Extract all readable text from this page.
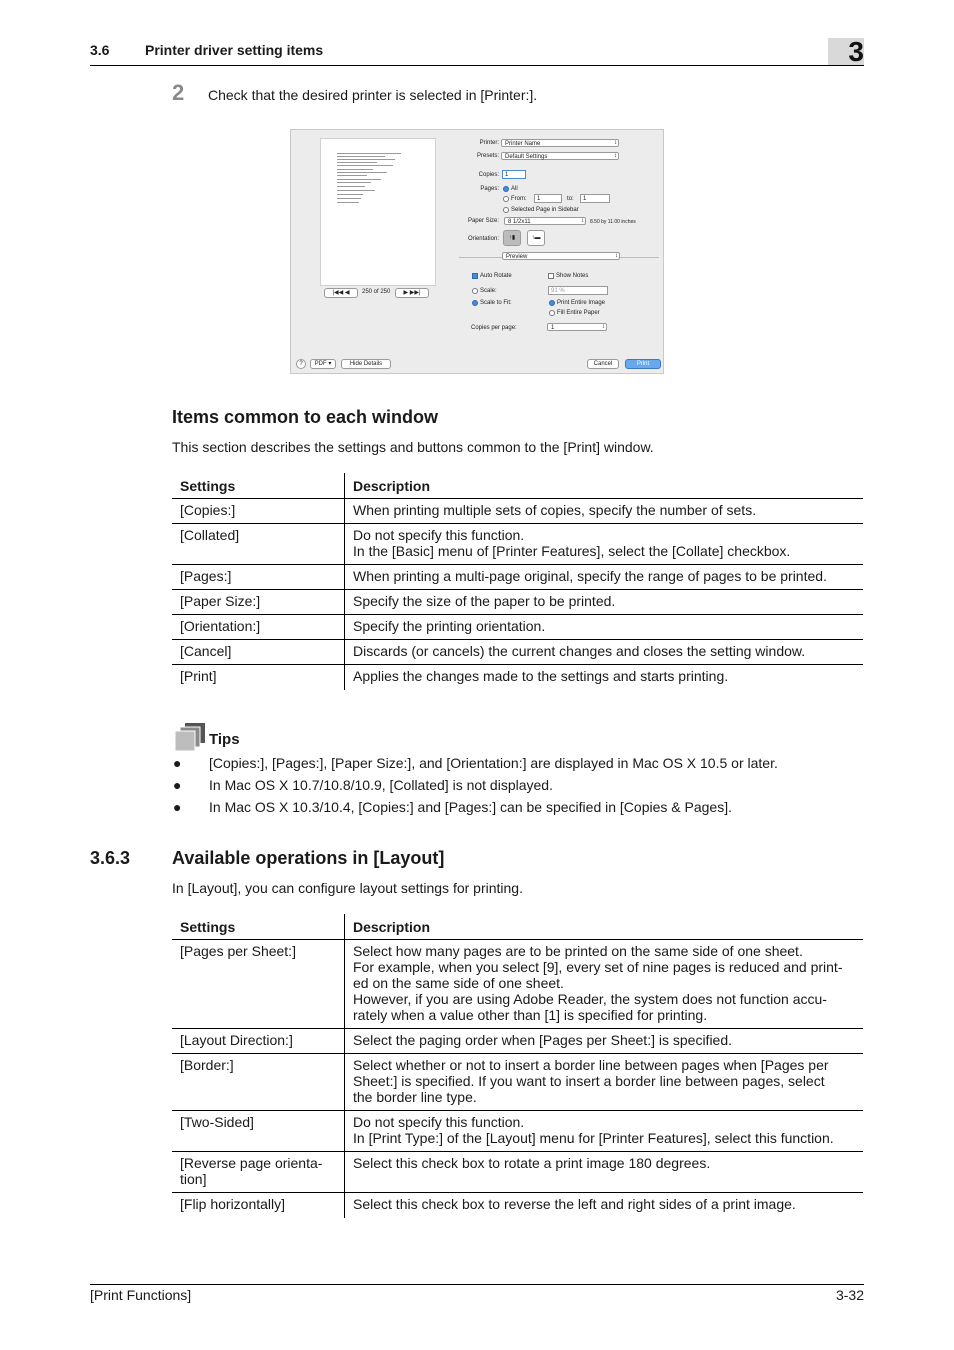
3.6	Printer driver setting items	3
2 Check that the desired printer is selected in [Printer:].
|◀◀ ◀	250 of 250	▶ ▶▶|
Printer:	Printer Name ↕
Presets:	Default Settings ↕
Copies:	1
Pages: All
From:	1	to:	1
Selected Page in Sidebar
Paper Size:	8 1/2x11 ↕	8.50 by 11.00 inches
Orientation:	↑▮	↑▬
Preview ↕
Auto Rotate	Show Notes
Scale:	91 %
Scale to Fit:	Print Entire Image
Fill Entire Paper
Copies per page:	1 ↕
?	PDF ▾	Hide Details	Cancel	Print
Items common to each window
This section describes the settings and buttons common to the [Print] window.
Settings	Description
[Copies:]	When printing multiple sets of copies, specify the number of sets.
[Collated]	Do not specify this function.
In the [Basic] menu of [Printer Features], select the [Collate] checkbox.
[Pages:]	When printing a multi-page original, specify the range of pages to be printed.
[Paper Size:]	Specify the size of the paper to be printed.
[Orientation:]	Specify the printing orientation.
[Cancel]	Discards (or cancels) the current changes and closes the setting window.
[Print]	Applies the changes made to the settings and starts printing.
Tips
● [Copies:], [Pages:], [Paper Size:], and [Orientation:] are displayed in Mac OS X 10.5 or later.
● In Mac OS X 10.7/10.8/10.9, [Collated] is not displayed.
● In Mac OS X 10.3/10.4, [Copies:] and [Pages:] can be specified in [Copies & Pages].
3.6.3 Available operations in [Layout]
In [Layout], you can configure layout settings for printing.
Settings	Description
[Pages per Sheet:]	Select how many pages are to be printed on the same side of one sheet.
For example, when you select [9], every set of nine pages is reduced and print-
ed on the same side of one sheet.
However, if you are using Adobe Reader, the system does not function accu-
rately when a value other than [1] is specified for printing.
[Layout Direction:]	Select the paging order when [Pages per Sheet:] is specified.
[Border:]	Select whether or not to insert a border line between pages when [Pages per
Sheet:] is specified. If you want to insert a border line between pages, select
the border line type.
[Two-Sided]	Do not specify this function.
In [Print Type:] of the [Layout] menu for [Printer Features], select this function.
[Reverse page orienta-
tion]	Select this check box to rotate a print image 180 degrees.
[Flip horizontally]	Select this check box to reverse the left and right sides of a print image.
[Print Functions]	3-32
